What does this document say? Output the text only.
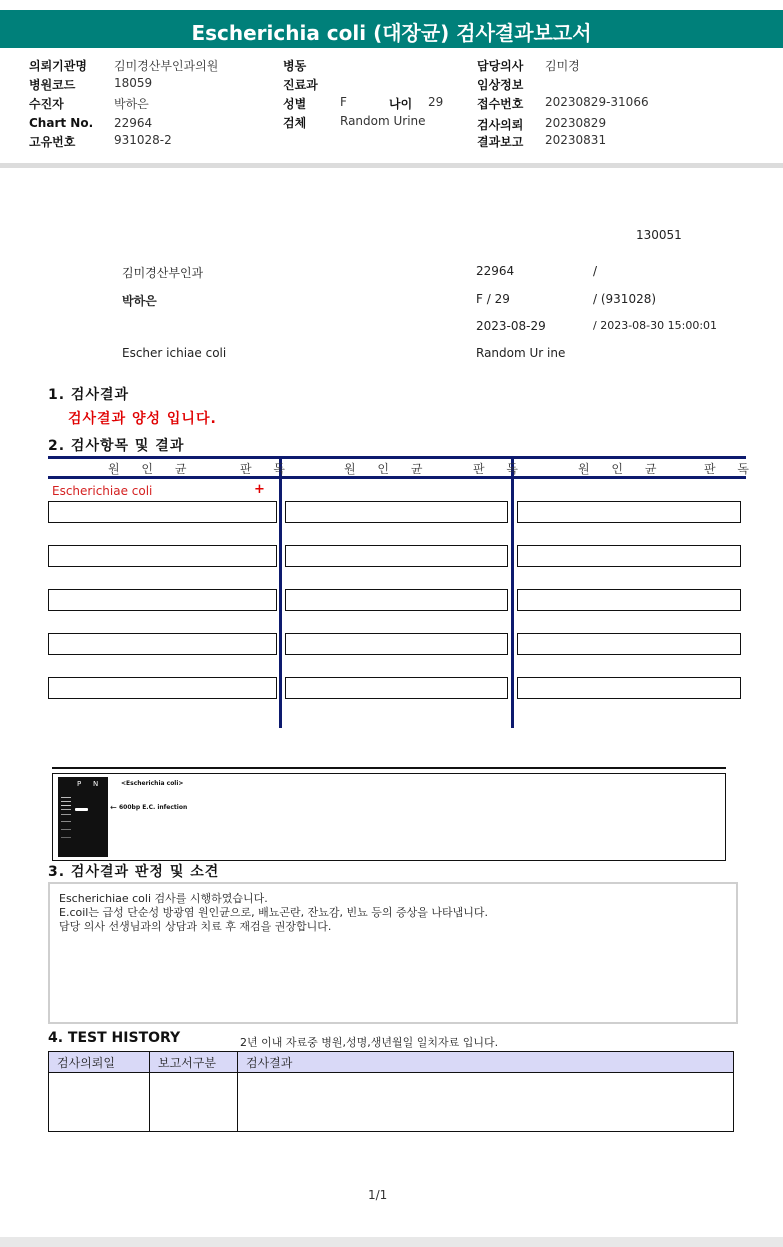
Escherichia coli (대장균) 검사결과보고서
의뢰기관명 김미경산부인과의원
병원코드	18059
수진자	박하은
Chart No. 22964
고유번호	931028-2
병동
진료과
성별	F	나이 29
검체	Random Urine
담당의사 김미경
임상정보
접수번호 20230829-31066
검사의뢰 20230829
결과보고 20230831
130051
김미경산부인과	22964	/
박하은	F / 29	/ (931028)
2023-08-29	/ 2023-08-30 15:00:01
Escher ichiae coli	Random Ur ine
1. 검사결과
검사결과 양성 입니다.
2. 검사항목 및 결과
원 인 균	판 독	원 인 균	판 독	원 인 균	판 독
Escherichiae coli	+
P N	<Escherichia coli>
← 600bp E.C. infection
3. 검사결과 판정 및 소견
Escherichiae coli 검사를 시행하였습니다.
E.coil는 급성 단순성 방광염 원인균으로, 배뇨곤란, 잔뇨감, 빈뇨 등의 증상을 나타냅니다.
담당 의사 선생님과의 상담과 치료 후 재검을 권장합니다.
4. TEST HISTORY	2년 이내 자료중 병원,성명,생년월일 일치자료 입니다.
검사의뢰일	보고서구분	검사결과

1/1
